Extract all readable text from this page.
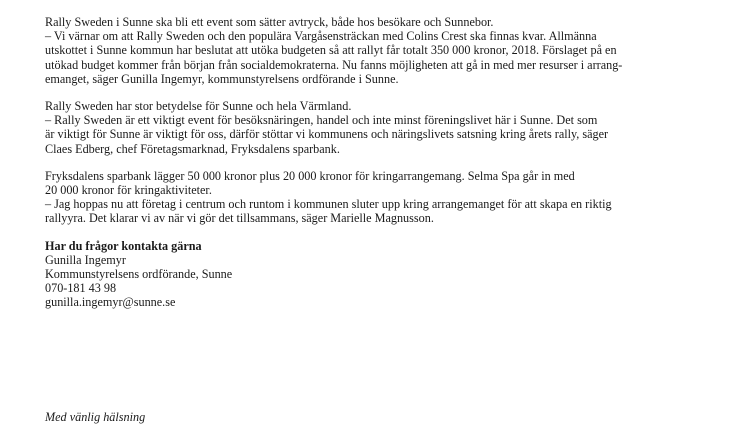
Rally Sweden i Sunne ska bli ett event som sätter avtryck, både hos besökare och Sunnebor.
– Vi värnar om att Rally Sweden och den populära Vargåsensträckan med Colins Crest ska finnas kvar. Allmänna
utskottet i Sunne kommun har beslutat att utöka budgeten så att rallyt får totalt 350 000 kronor, 2018. Förslaget på en
utökad budget kommer från början från socialdemokraterna. Nu fanns möjligheten att gå in med mer resurser i arrang-
emanget, säger Gunilla Ingemyr, kommunstyrelsens ordförande i Sunne.
Rally Sweden har stor betydelse för Sunne och hela Värmland.
– Rally Sweden är ett viktigt event för besöksnäringen, handel och inte minst föreningslivet här i Sunne. Det som
är viktigt för Sunne är viktigt för oss, därför stöttar vi kommunens och näringslivets satsning kring årets rally, säger
Claes Edberg, chef Företagsmarknad, Fryksdalens sparbank.
Fryksdalens sparbank lägger 50 000 kronor plus 20 000 kronor för kringarrangemang. Selma Spa går in med
20 000 kronor för kringaktiviteter.
– Jag hoppas nu att företag i centrum och runtom i kommunen sluter upp kring arrangemanget för att skapa en riktig
rallyyra. Det klarar vi av när vi gör det tillsammans, säger Marielle Magnusson.
Har du frågor kontakta gärna
Gunilla Ingemyr
Kommunstyrelsens ordförande, Sunne
070-181 43 98
gunilla.ingemyr@sunne.se
Med vänlig hälsning
